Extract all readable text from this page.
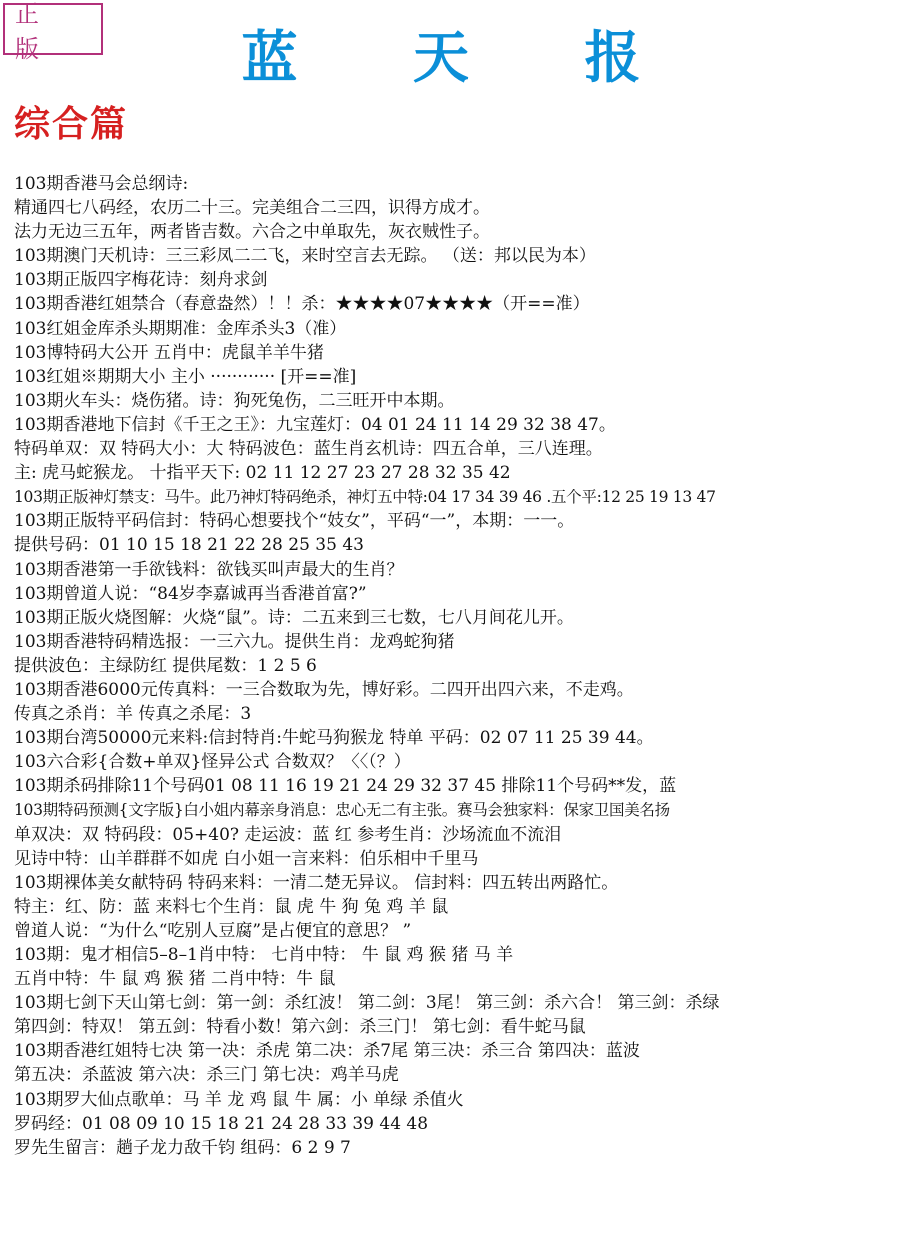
正 版	蓝 天 报
综合篇
103期香港马会总纲诗:
精通四七八码经，农历二十三。完美组合二三四，识得方成才。
法力无边三五年，两者皆吉数。六合之中单取先，灰衣贼性子。
103期澳门天机诗：三三彩凤二二飞，来时空言去无踪。 （送：邦以民为本）
103期正版四字梅花诗：刻舟求剑
103期香港红姐禁合（春意盎然）！！杀：★★★★07★★★★（开==准）
103红姐金库杀头期期准：金库杀头3（准）
103博特码大公开 五肖中：虎鼠羊羊牛猪
103红姐※期期大小 主小 ············ [开==准]
103期火车头：烧伤猪。诗：狗死兔伤，二三旺开中本期。
103期香港地下信封《千王之王》：九宝莲灯：04 01 24 11 14 29 32 38 47。
特码单双：双 特码大小：大 特码波色：蓝生肖玄机诗：四五合单，三八连理。
主: 虎马蛇猴龙。 十指平天下: 02 11 12 27 23 27 28 32 35 42
103期正版神灯禁支：马牛。此乃神灯特码绝杀，神灯五中特:04 17 34 39 46 .五个平:12 25 19 13 47
103期正版特平码信封：特码心想要找个“妓女”，平码“一”，本期：一一。
提供号码：01 10 15 18 21 22 28 25 35 43
103期香港第一手欲钱料：欲钱买叫声最大的生肖？
103期曾道人说：“84岁李嘉诚再当香港首富?”
103期正版火烧图解：火烧“鼠”。诗：二五来到三七数，七八月间花儿开。
103期香港特码精选报：一三六九。提供生肖：龙鸡蛇狗猪
提供波色：主绿防红 提供尾数：1 2 5 6
103期香港6000元传真料：一三合数取为先，博好彩。二四开出四六来，不走鸡。
传真之杀肖：羊 传真之杀尾：3
103期台湾50000元来料:信封特肖:牛蛇马狗猴龙 特单 平码：02 07 11 25 39 44。
103六合彩{合数+单双}怪异公式 合数双？〈〈（？）
103期杀码排除11个号码01 08 11 16 19 21 24 29 32 37 45 排除11个号码**发，蓝
103期特码预测{文字版}白小姐内幕亲身消息：忠心无二有主张。赛马会独家料：保家卫国美名扬
单双决：双 特码段：05+40? 走运波：蓝 红 参考生肖：沙场流血不流泪
见诗中特：山羊群群不如虎 白小姐一言来料：伯乐相中千里马
103期裸体美女献特码 特码来料：一清二楚无异议。 信封料：四五转出两路忙。
特主：红、防：蓝 来料七个生肖：鼠 虎 牛 狗 兔 鸡 羊 鼠
曾道人说：“为什么“吃别人豆腐”是占便宜的意思？ ”
103期：鬼才相信5–8–1肖中特： 七肖中特： 牛 鼠 鸡 猴 猪 马 羊
五肖中特：牛 鼠 鸡 猴 猪 二肖中特：牛 鼠
103期七剑下天山第七剑：第一剑：杀红波！ 第二剑：3尾！ 第三剑：杀六合！ 第三剑：杀绿
第四剑：特双！ 第五剑：特看小数！第六剑：杀三门！ 第七剑：看牛蛇马鼠
103期香港红姐特七决 第一决：杀虎 第二决：杀7尾 第三决：杀三合 第四决：蓝波
第五决：杀蓝波 第六决：杀三门 第七决：鸡羊马虎
103期罗大仙点歌单：马 羊 龙 鸡 鼠 牛 属：小 单绿 杀值火
罗码经：01 08 09 10 15 18 21 24 28 33 39 44 48
罗先生留言：趟子龙力敌千钧 组码：6 2 9 7
